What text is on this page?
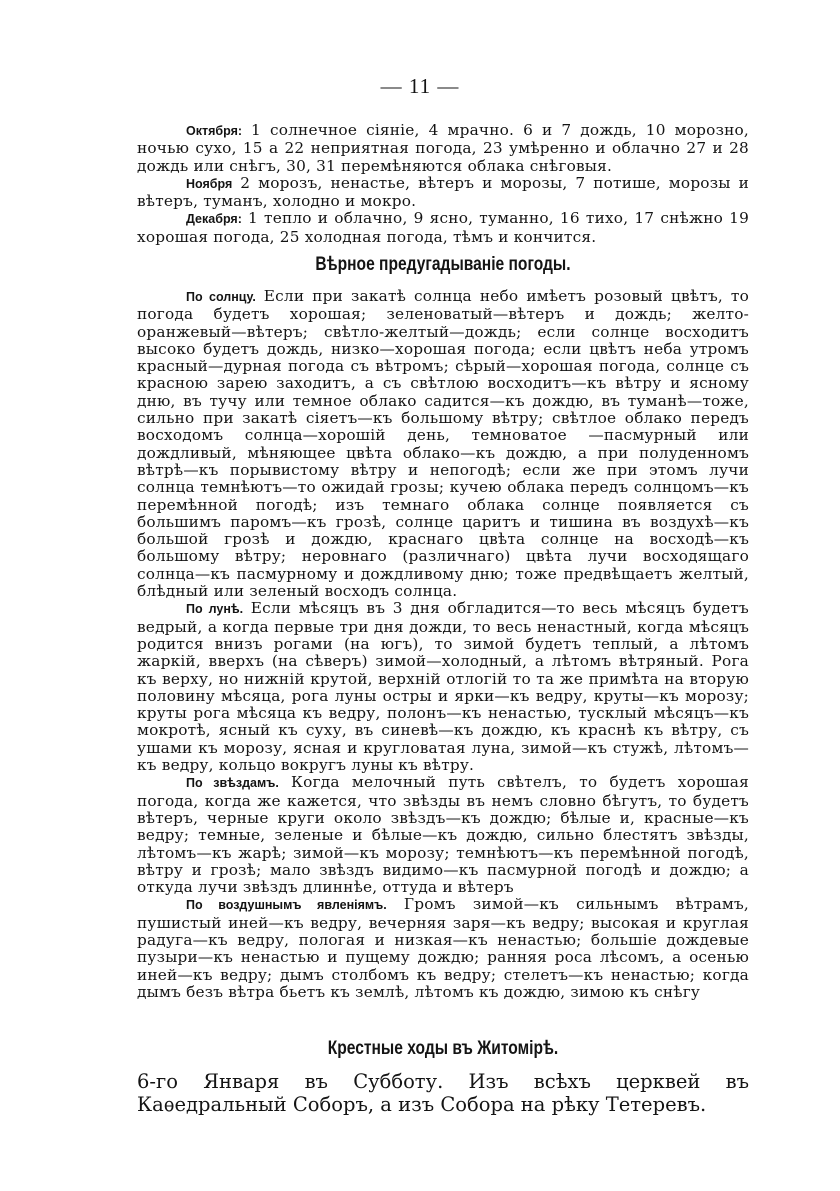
— 11 —

Октября: 1 солнечное сіяніе, 4 мрачно. 6 и 7 дождь, 10 морозно, ночью сухо, 15 а 22 неприятная погода, 23 умѣренно и облачно 27 и 28 дождь или снѣгъ, 30, 31 перемѣняются облака снѣговыя.

Ноября 2 морозъ, ненастье, вѣтеръ и морозы, 7 потише, морозы и вѣтеръ, туманъ, холодно и мокро.

Декабря: 1 тепло и облачно, 9 ясно, туманно, 16 тихо, 17 снѣжно 19 хорошая погода, 25 холодная погода, тѣмъ и кончится.

Вѣрное предугадываніе погоды.

По солнцу. Если при закатѣ солнца небо имѣетъ розовый цвѣтъ, то погода будетъ хорошая; зеленоватый—вѣтеръ и дождь; желто-оранжевый—вѣтеръ; свѣтло-желтый—дождь; если солнце восходитъ высоко будетъ дождь, низко—хорошая погода; если цвѣтъ неба утромъ красный—дурная погода съ вѣтромъ; сѣрый—хорошая погода, солнце съ красною зарею заходитъ, а съ свѣтлою восходитъ—къ вѣтру и ясному дню, въ тучу или темное облако садится—къ дождю, въ туманѣ—тоже, сильно при закатѣ сіяетъ—къ большому вѣтру; свѣтлое облако передъ восходомъ солнца—хорошій день, темноватое —пасмурный или дождливый, мѣняющее цвѣта облако—къ дождю, а при полуденномъ вѣтрѣ—къ порывистому вѣтру и непогодѣ; если же при этомъ лучи солнца темнѣютъ—то ожидай грозы; кучею облака передъ солнцомъ—къ перемѣнной погодѣ; изъ темнаго облака солнце появляется съ большимъ паромъ—къ грозѣ, солнце царитъ и тишина въ воздухѣ—къ большой грозѣ и дождю, краснаго цвѣта солнце на восходѣ—къ большому вѣтру; неровнаго (различнаго) цвѣта лучи восходящаго солнца—къ пасмурному и дождливому дню; тоже предвѣщаетъ желтый, блѣдный или зеленый восходъ солнца.

По лунѣ. Если мѣсяцъ въ 3 дня обгладится—то весь мѣсяцъ будетъ ведрый, а когда первые три дня дожди, то весь ненастный, когда мѣсяцъ родится внизъ рогами (на югъ), то зимой будетъ теплый, а лѣтомъ жаркій, вверхъ (на сѣверъ) зимой—холодный, а лѣтомъ вѣтряный. Рога къ верху, но нижній крутой, верхній отлогій то та же примѣта на вторую половину мѣсяца, рога луны остры и ярки—къ ведру, круты—къ морозу; круты рога мѣсяца къ ведру, полонъ—къ ненастью, тусклый мѣсяцъ—къ мокротѣ, ясный къ суху, въ синевѣ—къ дождю, къ краснѣ къ вѣтру, съ ушами къ морозу, ясная и кругловатая луна, зимой—къ стужѣ, лѣтомъ—къ ведру, кольцо вокругъ луны къ вѣтру.

По звѣздамъ. Когда мелочный путь свѣтелъ, то будетъ хорошая погода, когда же кажется, что звѣзды въ немъ словно бѣгутъ, то будетъ вѣтеръ, черные круги около звѣздъ—къ дождю; бѣлые и, красные—къ ведру; темные, зеленые и бѣлые—къ дождю, сильно блестятъ звѣзды, лѣтомъ—къ жарѣ; зимой—къ морозу; темнѣютъ—къ перемѣнной погодѣ, вѣтру и грозѣ; мало звѣздъ видимо—къ пасмурной погодѣ и дождю; а откуда лучи звѣздъ длиннѣе, оттуда и вѣтеръ

По воздушнымъ явленіямъ. Громъ зимой—къ сильнымъ вѣтрамъ, пушистый иней—къ ведру, вечерняя заря—къ ведру; высокая и круглая радуга—къ ведру, пологая и низкая—къ ненастью; большіе дождевые пузыри—къ ненастью и пущему дождю; ранняя роса лѣсомъ, а осенью иней—къ ведру; дымъ столбомъ къ ведру; стелетъ—къ ненастью; когда дымъ безъ вѣтра бьетъ къ землѣ, лѣтомъ къ дождю, зимою къ снѣгу

Крестные ходы въ Житомірѣ.
6-го Января въ Субботу. Изъ всѣхъ церквей въ Каѳедральный Соборъ, а изъ Собора на рѣку Тетеревъ.
